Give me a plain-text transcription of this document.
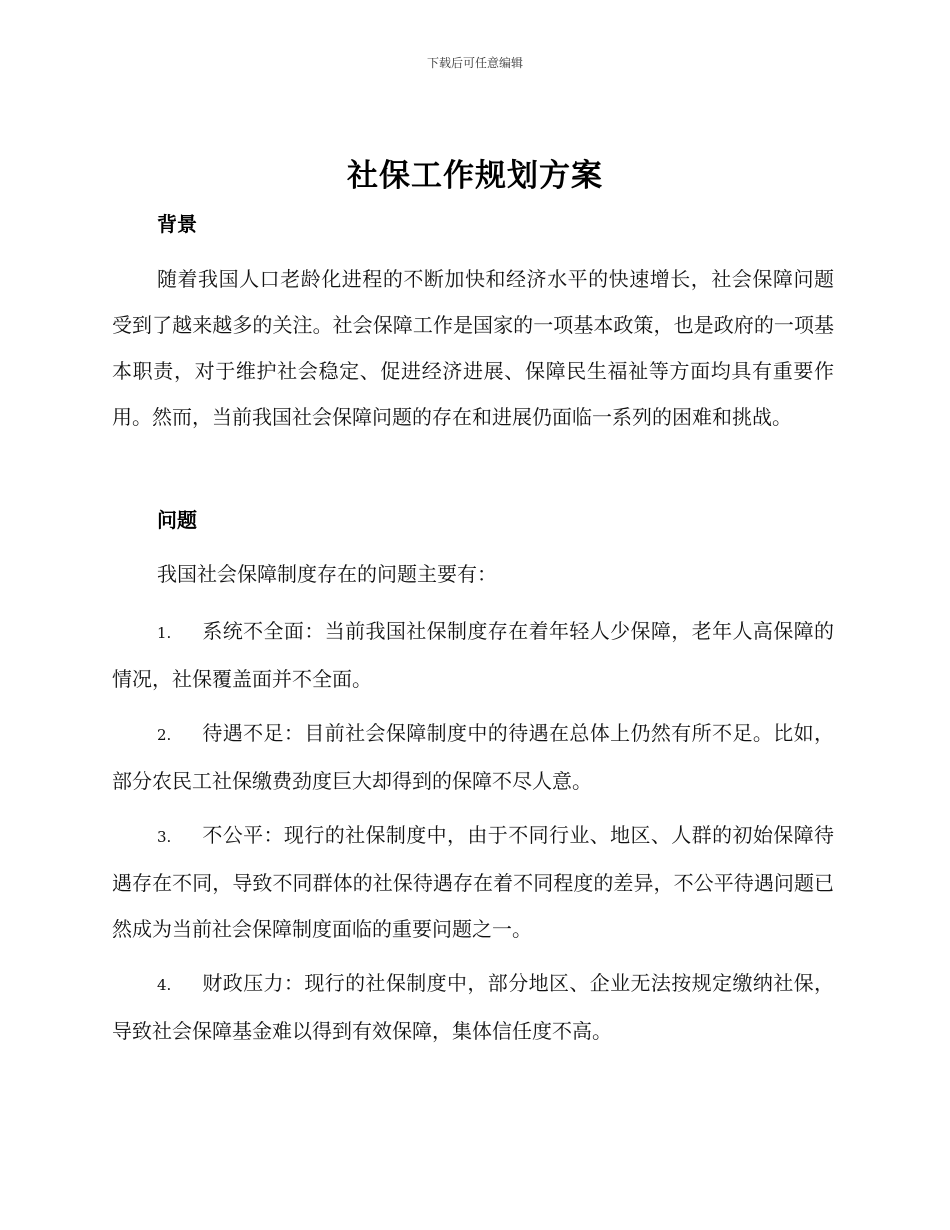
下载后可任意编辑
社保工作规划方案
背景
随着我国人口老龄化进程的不断加快和经济水平的快速增长，社会保障问题受到了越来越多的关注。社会保障工作是国家的一项基本政策，也是政府的一项基本职责，对于维护社会稳定、促进经济进展、保障民生福祉等方面均具有重要作用。然而，当前我国社会保障问题的存在和进展仍面临一系列的困难和挑战。
问题
我国社会保障制度存在的问题主要有：
1. 系统不全面：当前我国社保制度存在着年轻人少保障，老年人高保障的情况，社保覆盖面并不全面。
2. 待遇不足：目前社会保障制度中的待遇在总体上仍然有所不足。比如，部分农民工社保缴费劲度巨大却得到的保障不尽人意。
3. 不公平：现行的社保制度中，由于不同行业、地区、人群的初始保障待遇存在不同，导致不同群体的社保待遇存在着不同程度的差异，不公平待遇问题已然成为当前社会保障制度面临的重要问题之一。
4. 财政压力：现行的社保制度中，部分地区、企业无法按规定缴纳社保，导致社会保障基金难以得到有效保障，集体信任度不高。
